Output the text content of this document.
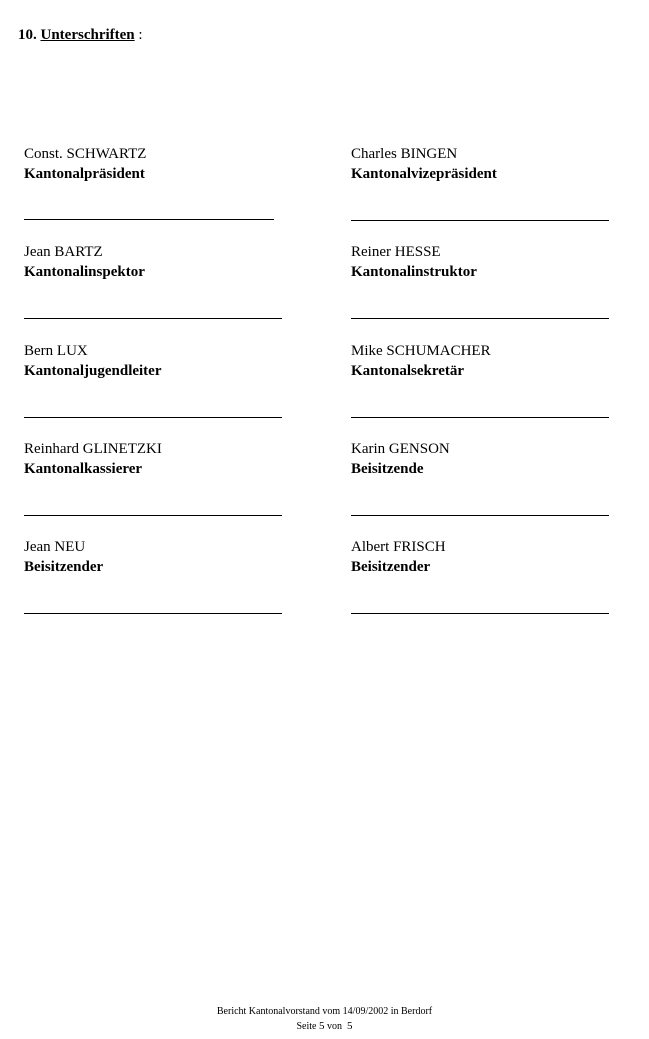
10. Unterschriften :
Const. SCHWARTZ
Kantonalpräsident
Charles BINGEN
Kantonalvizepräsident
Jean BARTZ
Kantonalinspektor
Reiner HESSE
Kantonalinstruktor
Bern LUX
Kantonaljugendleiter
Mike SCHUMACHER
Kantonalsekretär
Reinhard GLINETZKI
Kantonalkassierer
Karin GENSON
Beisitzende
Jean NEU
Beisitzender
Albert FRISCH
Beisitzender
Bericht Kantonalvorstand vom 14/09/2002 in Berdorf
Seite 5 von 5
